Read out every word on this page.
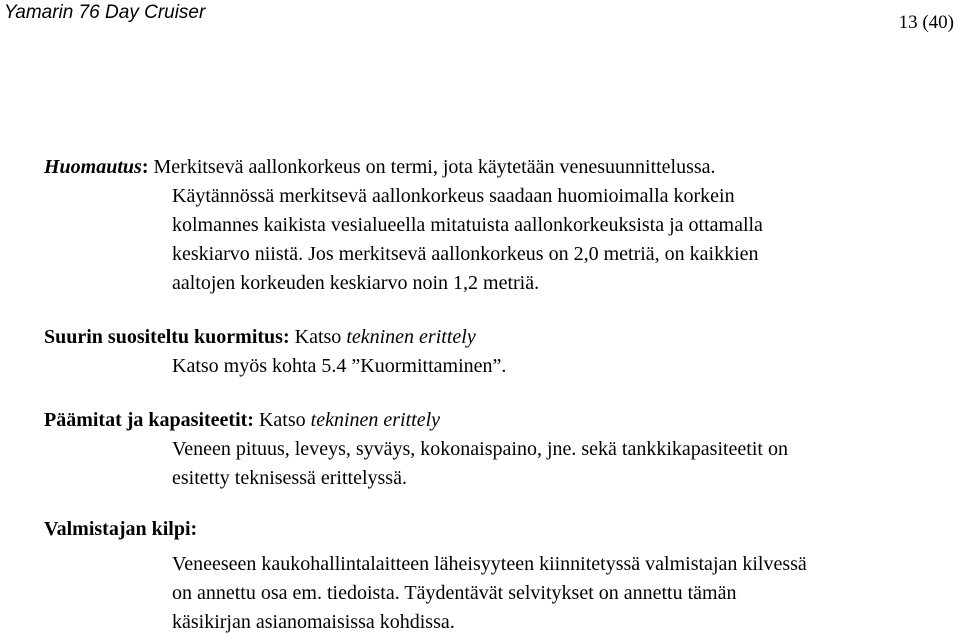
Yamarin 76 Day Cruiser	13 (40)
Huomautus: Merkitsevä aallonkorkeus on termi, jota käytetään venesuunnittelussa.
Käytännössä merkitsevä aallonkorkeus saadaan huomioimalla korkein
kolmannes kaikista vesialueella mitatuista aallonkorkeuksista ja ottamalla
keskiarvo niistä. Jos merkitsevä aallonkorkeus on 2,0 metriä, on kaikkien
aaltojen korkeuden keskiarvo noin 1,2 metriä.
Suurin suositeltu kuormitus: Katso tekninen erittely
Katso myös kohta 5.4 ”Kuormittaminen”.
Päämitat ja kapasiteetit: Katso tekninen erittely
Veneen pituus, leveys, syväys, kokonaispaino, jne. sekä tankkikapasiteetit on
esitetty teknisessä erittelyssä.
Valmistajan kilpi:
Veneeseen kaukohallintalaitteen läheisyyteen kiinnitetyssä valmistajan kilvessä
on annettu osa em. tiedoista. Täydentävät selvitykset on annettu tämän
käsikirjan asianomaisissa kohdissa.
